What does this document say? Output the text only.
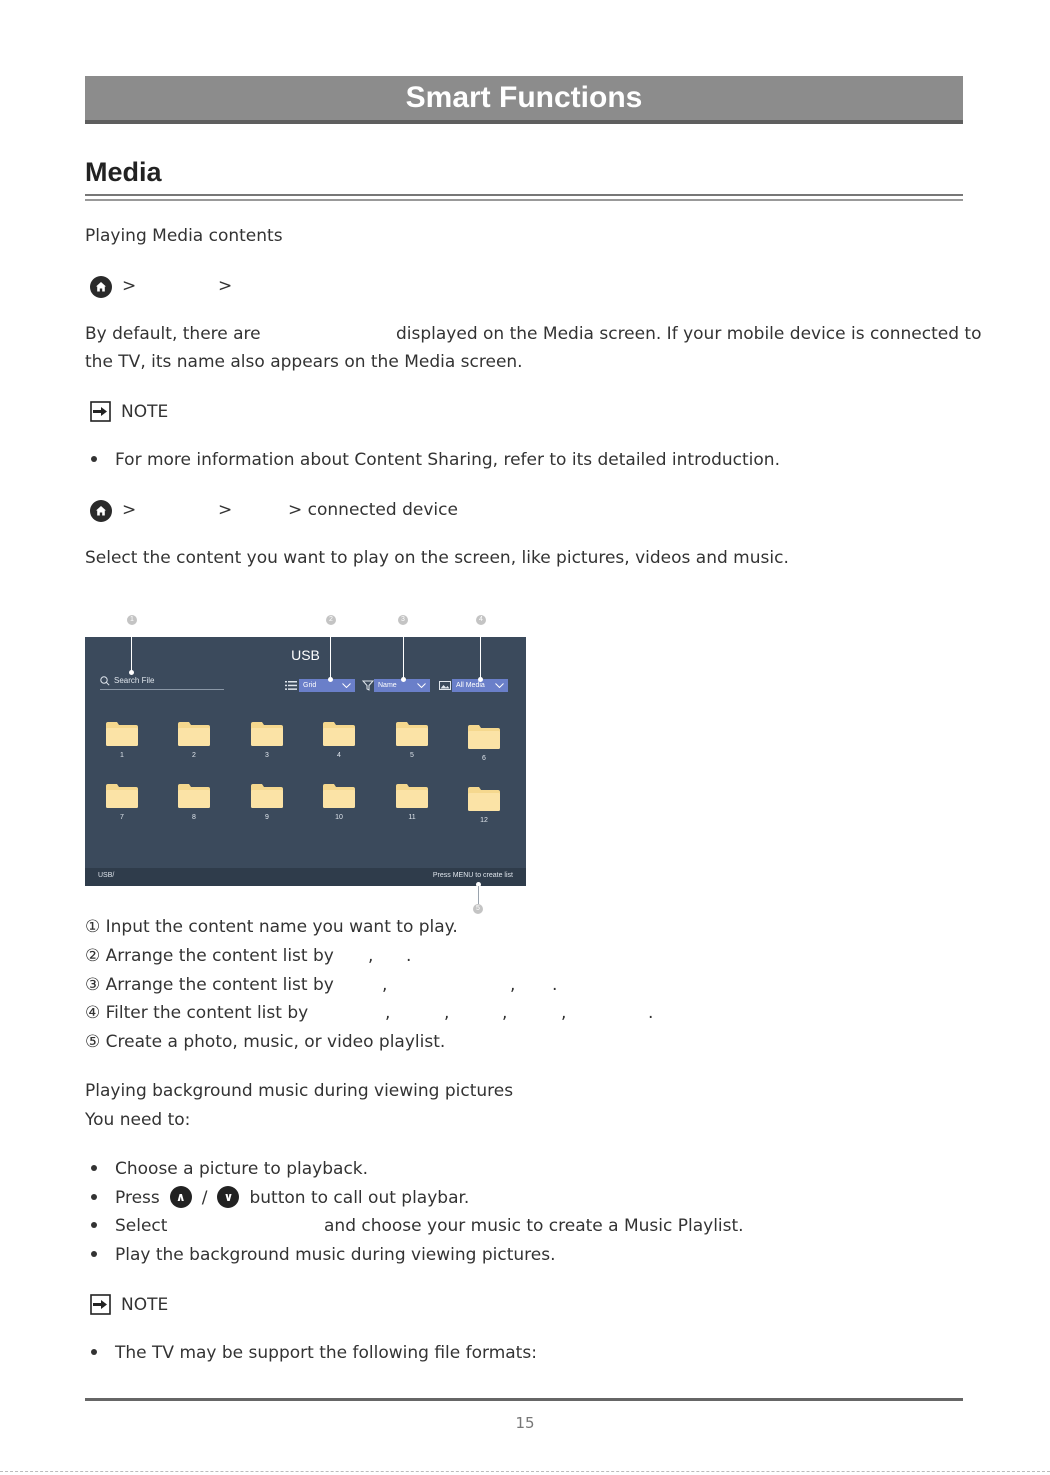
Smart Functions
Media
Playing Media contents
>	>
By default, there are	displayed on the Media screen. If your mobile device is connected to
the TV, its name also appears on the Media screen.
NOTE
For more information about Content Sharing, refer to its detailed introduction.
>	>	> connected device
Select the content you want to play on the screen, like pictures, videos and music.
1	2	3	4
5
USB
Search File
Grid	Name	All Media
1	2	3	4	5	6
7	8	9	10	11	12
USB/	Press MENU to create list
① Input the content name you want to play.
② Arrange the content list by , .
③ Arrange the content list by	,	, .
④ Filter the content list by	,	,	,	,	.
⑤ Create a photo, music, or video playlist.
Playing background music during viewing pictures
You need to:
Choose a picture to playback.
Press	∧ /	∨ button to call out playbar.
Select	and choose your music to create a Music Playlist.
Play the background music during viewing pictures.
NOTE
The TV may be support the following file formats:
15
